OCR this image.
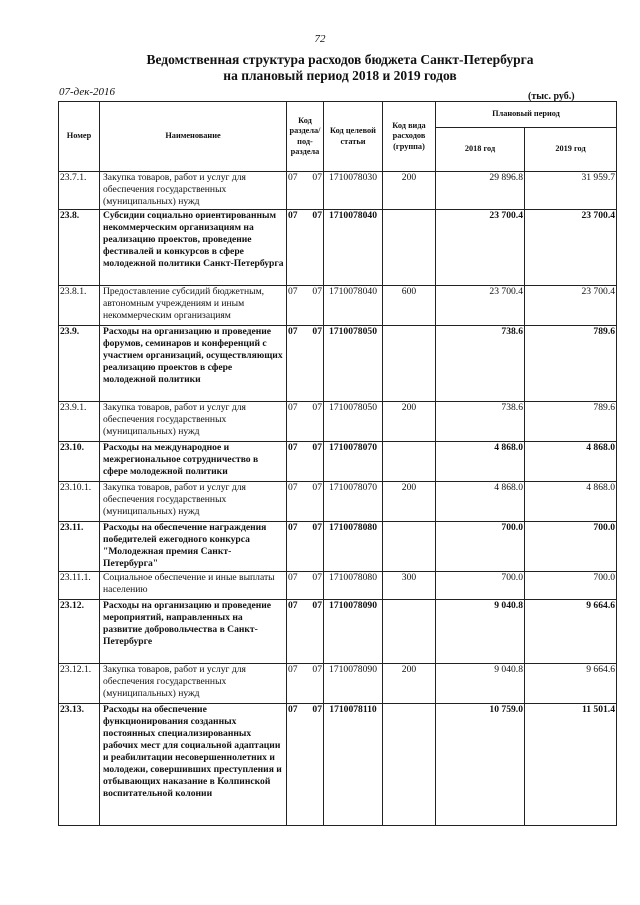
72
Ведомственная структура расходов бюджета Санкт-Петербурга
на плановый период 2018 и 2019 годов
07-дек-2016	(тыс. руб.)
Номер	Наименование	Код раздела/ под-раздела	Код целевой статьи	Код вида расходов (группа)	Плановый период	
					2018 год	2019 год
23.7.1.	Закупка товаров, работ и услуг для обеспечения государственных (муниципальных) нужд	07 07	1710078030	200	29 896.8	31 959.7
23.8.	Субсидии социально ориентированным некоммерческим организациям на реализацию проектов, проведение фестивалей и конкурсов в сфере молодежной политики Санкт-Петербурга	07 07	1710078040		23 700.4	23 700.4
23.8.1.	Предоставление субсидий бюджетным, автономным учреждениям и иным некоммерческим организациям	07 07	1710078040	600	23 700.4	23 700.4
23.9.	Расходы на организацию и проведение форумов, семинаров и конференций с участием организаций, осуществляющих реализацию проектов в сфере молодежной политики	07 07	1710078050		738.6	789.6
23.9.1.	Закупка товаров, работ и услуг для обеспечения государственных (муниципальных) нужд	07 07	1710078050	200	738.6	789.6
23.10.	Расходы на международное и межрегиональное сотрудничество в сфере молодежной политики	07 07	1710078070		4 868.0	4 868.0
23.10.1.	Закупка товаров, работ и услуг для обеспечения государственных (муниципальных) нужд	07 07	1710078070	200	4 868.0	4 868.0
23.11.	Расходы на обеспечение награждения победителей ежегодного конкурса "Молодежная премия Санкт-Петербурга"	07 07	1710078080		700.0	700.0
23.11.1.	Социальное обеспечение и иные выплаты населению	07 07	1710078080	300	700.0	700.0
23.12.	Расходы на организацию и проведение мероприятий, направленных на развитие добровольчества в Санкт-Петербурге	07 07	1710078090		9 040.8	9 664.6
23.12.1.	Закупка товаров, работ и услуг для обеспечения государственных (муниципальных) нужд	07 07	1710078090	200	9 040.8	9 664.6
23.13.	Расходы на обеспечение функционирования созданных постоянных специализированных рабочих мест для социальной адаптации и реабилитации несовершеннолетних и молодежи, совершивших преступления и отбывающих наказание в Колпинской воспитательной колонии	07 07	1710078110		10 759.0	11 501.4
